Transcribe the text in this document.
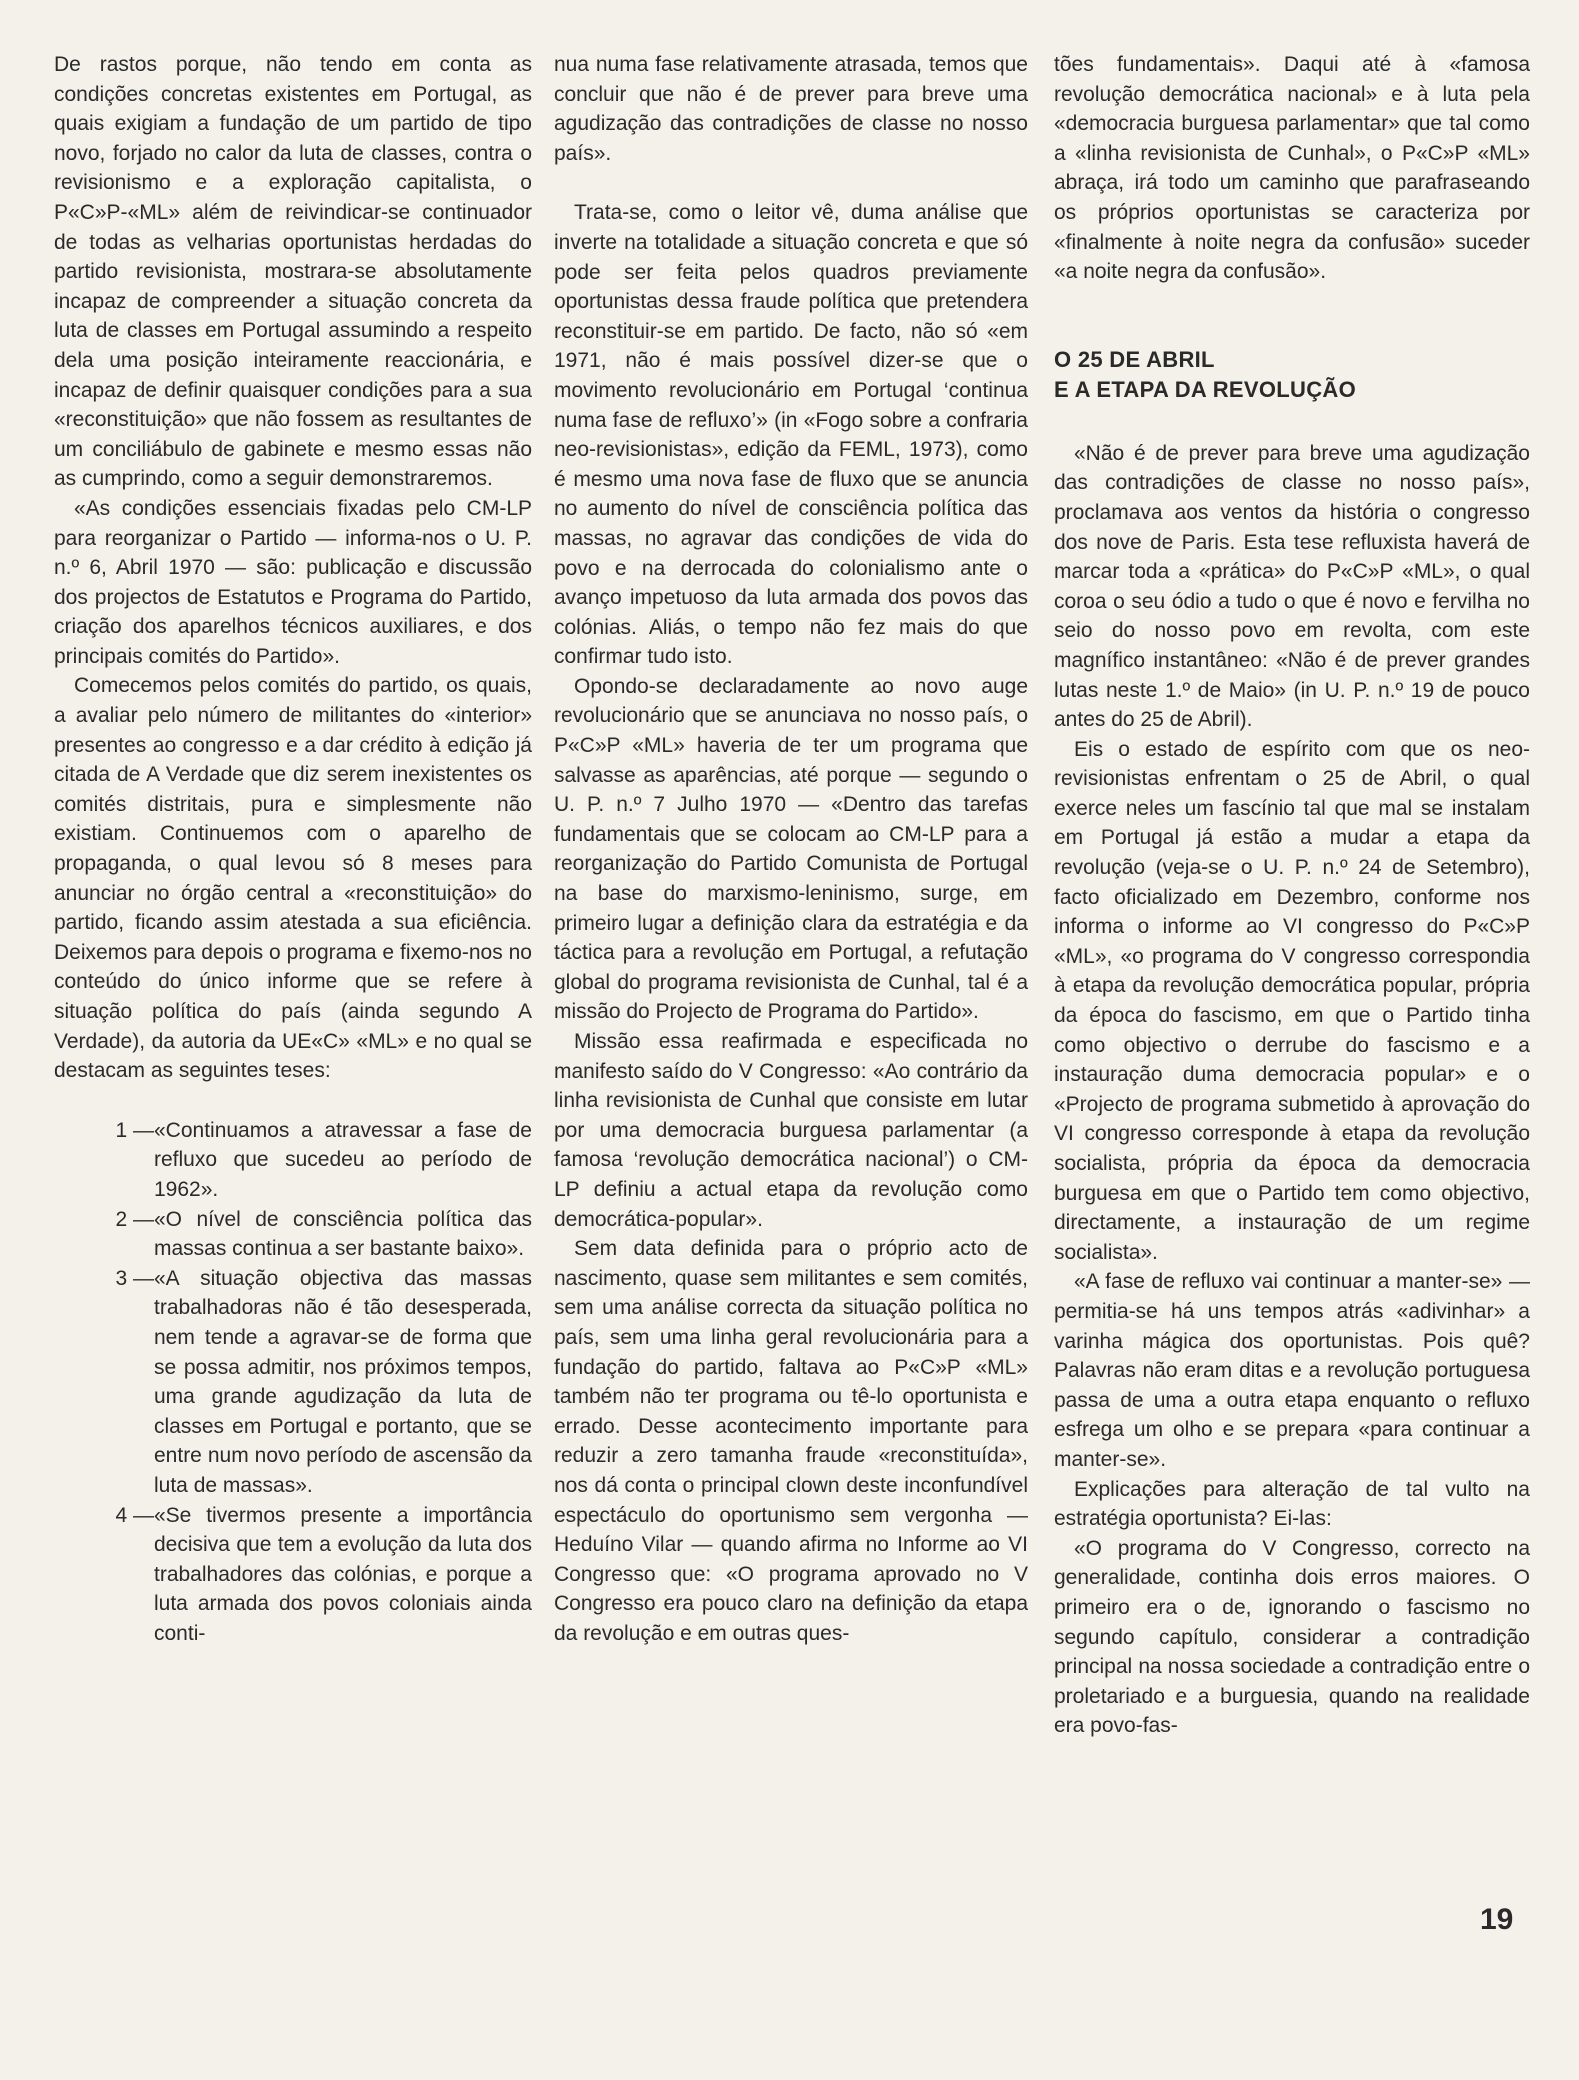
De rastos porque, não tendo em conta as condições concretas existentes em Portugal, as quais exigiam a fundação de um partido de tipo novo, forjado no calor da luta de classes, contra o revisionismo e a exploração capitalista, o P«C»P-«ML» além de reivindicar-se continuador de todas as velharias oportunistas herdadas do partido revisionista, mostrara-se absolutamente incapaz de compreender a situação concreta da luta de classes em Portugal assumindo a respeito dela uma posição inteiramente reaccionária, e incapaz de definir quaisquer condições para a sua «reconstituição» que não fossem as resultantes de um conciliábulo de gabinete e mesmo essas não as cumprindo, como a seguir demonstraremos.

«As condições essenciais fixadas pelo CM-LP para reorganizar o Partido — informa-nos o U. P. n.º 6, Abril 1970 — são: publicação e discussão dos projectos de Estatutos e Programa do Partido, criação dos aparelhos técnicos auxiliares, e dos principais comités do Partido».

Comecemos pelos comités do partido, os quais, a avaliar pelo número de militantes do «interior» presentes ao congresso e a dar crédito à edição já citada de A Verdade que diz serem inexistentes os comités distritais, pura e simplesmente não existiam. Continuemos com o aparelho de propaganda, o qual levou só 8 meses para anunciar no órgão central a «reconstituição» do partido, ficando assim atestada a sua eficiência. Deixemos para depois o programa e fixemo-nos no conteúdo do único informe que se refere à situação política do país (ainda segundo A Verdade), da autoria da UE«C» «ML» e no qual se destacam as seguintes teses:

1 — «Continuamos a atravessar a fase de refluxo que sucedeu ao período de 1962».
2 — «O nível de consciência política das massas continua a ser bastante baixo».
3 — «A situação objectiva das massas trabalhadoras não é tão desesperada, nem tende a agravar-se de forma que se possa admitir, nos próximos tempos, uma grande agudização da luta de classes em Portugal e portanto, que se entre num novo período de ascensão da luta de massas».
4 — «Se tivermos presente a importância decisiva que tem a evolução da luta dos trabalhadores das colónias, e porque a luta armada dos povos coloniais ainda conti-

nua numa fase relativamente atrasada, temos que concluir que não é de prever para breve uma agudização das contradições de classe no nosso país».

Trata-se, como o leitor vê, duma análise que inverte na totalidade a situação concreta e que só pode ser feita pelos quadros previamente oportunistas dessa fraude política que pretendera reconstituir-se em partido. De facto, não só «em 1971, não é mais possível dizer-se que o movimento revolucionário em Portugal ‘continua numa fase de refluxo’» (in «Fogo sobre a confraria neo-revisionistas», edição da FEML, 1973), como é mesmo uma nova fase de fluxo que se anuncia no aumento do nível de consciência política das massas, no agravar das condições de vida do povo e na derrocada do colonialismo ante o avanço impetuoso da luta armada dos povos das colónias. Aliás, o tempo não fez mais do que confirmar tudo isto.

Opondo-se declaradamente ao novo auge revolucionário que se anunciava no nosso país, o P«C»P «ML» haveria de ter um programa que salvasse as aparências, até porque — segundo o U. P. n.º 7 Julho 1970 — «Dentro das tarefas fundamentais que se colocam ao CM-LP para a reorganização do Partido Comunista de Portugal na base do marxismo-leninismo, surge, em primeiro lugar a definição clara da estratégia e da táctica para a revolução em Portugal, a refutação global do programa revisionista de Cunhal, tal é a missão do Projecto de Programa do Partido».

Missão essa reafirmada e especificada no manifesto saído do V Congresso: «Ao contrário da linha revisionista de Cunhal que consiste em lutar por uma democracia burguesa parlamentar (a famosa ‘revolução democrática nacional’) o CM-LP definiu a actual etapa da revolução como democrática-popular».

Sem data definida para o próprio acto de nascimento, quase sem militantes e sem comités, sem uma análise correcta da situação política no país, sem uma linha geral revolucionária para a fundação do partido, faltava ao P«C»P «ML» também não ter programa ou tê-lo oportunista e errado. Desse acontecimento importante para reduzir a zero tamanha fraude «reconstituída», nos dá conta o principal clown deste inconfundível espectáculo do oportunismo sem vergonha — Heduíno Vilar — quando afirma no Informe ao VI Congresso que: «O programa aprovado no V Congresso era pouco claro na definição da etapa da revolução e em outras ques-

tões fundamentais». Daqui até à «famosa revolução democrática nacional» e à luta pela «democracia burguesa parlamentar» que tal como a «linha revisionista de Cunhal», o P«C»P «ML» abraça, irá todo um caminho que parafraseando os próprios oportunistas se caracteriza por «finalmente à noite negra da confusão» suceder «a noite negra da confusão».

O 25 DE ABRIL

E A ETAPA DA REVOLUÇÃO

«Não é de prever para breve uma agudização das contradições de classe no nosso país», proclamava aos ventos da história o congresso dos nove de Paris. Esta tese refluxista haverá de marcar toda a «prática» do P«C»P «ML», o qual coroa o seu ódio a tudo o que é novo e fervilha no seio do nosso povo em revolta, com este magnífico instantâneo: «Não é de prever grandes lutas neste 1.º de Maio» (in U. P. n.º 19 de pouco antes do 25 de Abril).

Eis o estado de espírito com que os neo-revisionistas enfrentam o 25 de Abril, o qual exerce neles um fascínio tal que mal se instalam em Portugal já estão a mudar a etapa da revolução (veja-se o U. P. n.º 24 de Setembro), facto oficializado em Dezembro, conforme nos informa o informe ao VI congresso do P«C»P «ML», «o programa do V congresso correspondia à etapa da revolução democrática popular, própria da época do fascismo, em que o Partido tinha como objectivo o derrube do fascismo e a instauração duma democracia popular» e o «Projecto de programa submetido à aprovação do VI congresso corresponde à etapa da revolução socialista, própria da época da democracia burguesa em que o Partido tem como objectivo, directamente, a instauração de um regime socialista».

«A fase de refluxo vai continuar a manter-se» — permitia-se há uns tempos atrás «adivinhar» a varinha mágica dos oportunistas. Pois quê? Palavras não eram ditas e a revolução portuguesa passa de uma a outra etapa enquanto o refluxo esfrega um olho e se prepara «para continuar a manter-se».

Explicações para alteração de tal vulto na estratégia oportunista? Ei-las:

«O programa do V Congresso, correcto na generalidade, continha dois erros maiores. O primeiro era o de, ignorando o fascismo no segundo capítulo, considerar a contradição principal na nossa sociedade a contradição entre o proletariado e a burguesia, quando na realidade era povo-fas-

19
